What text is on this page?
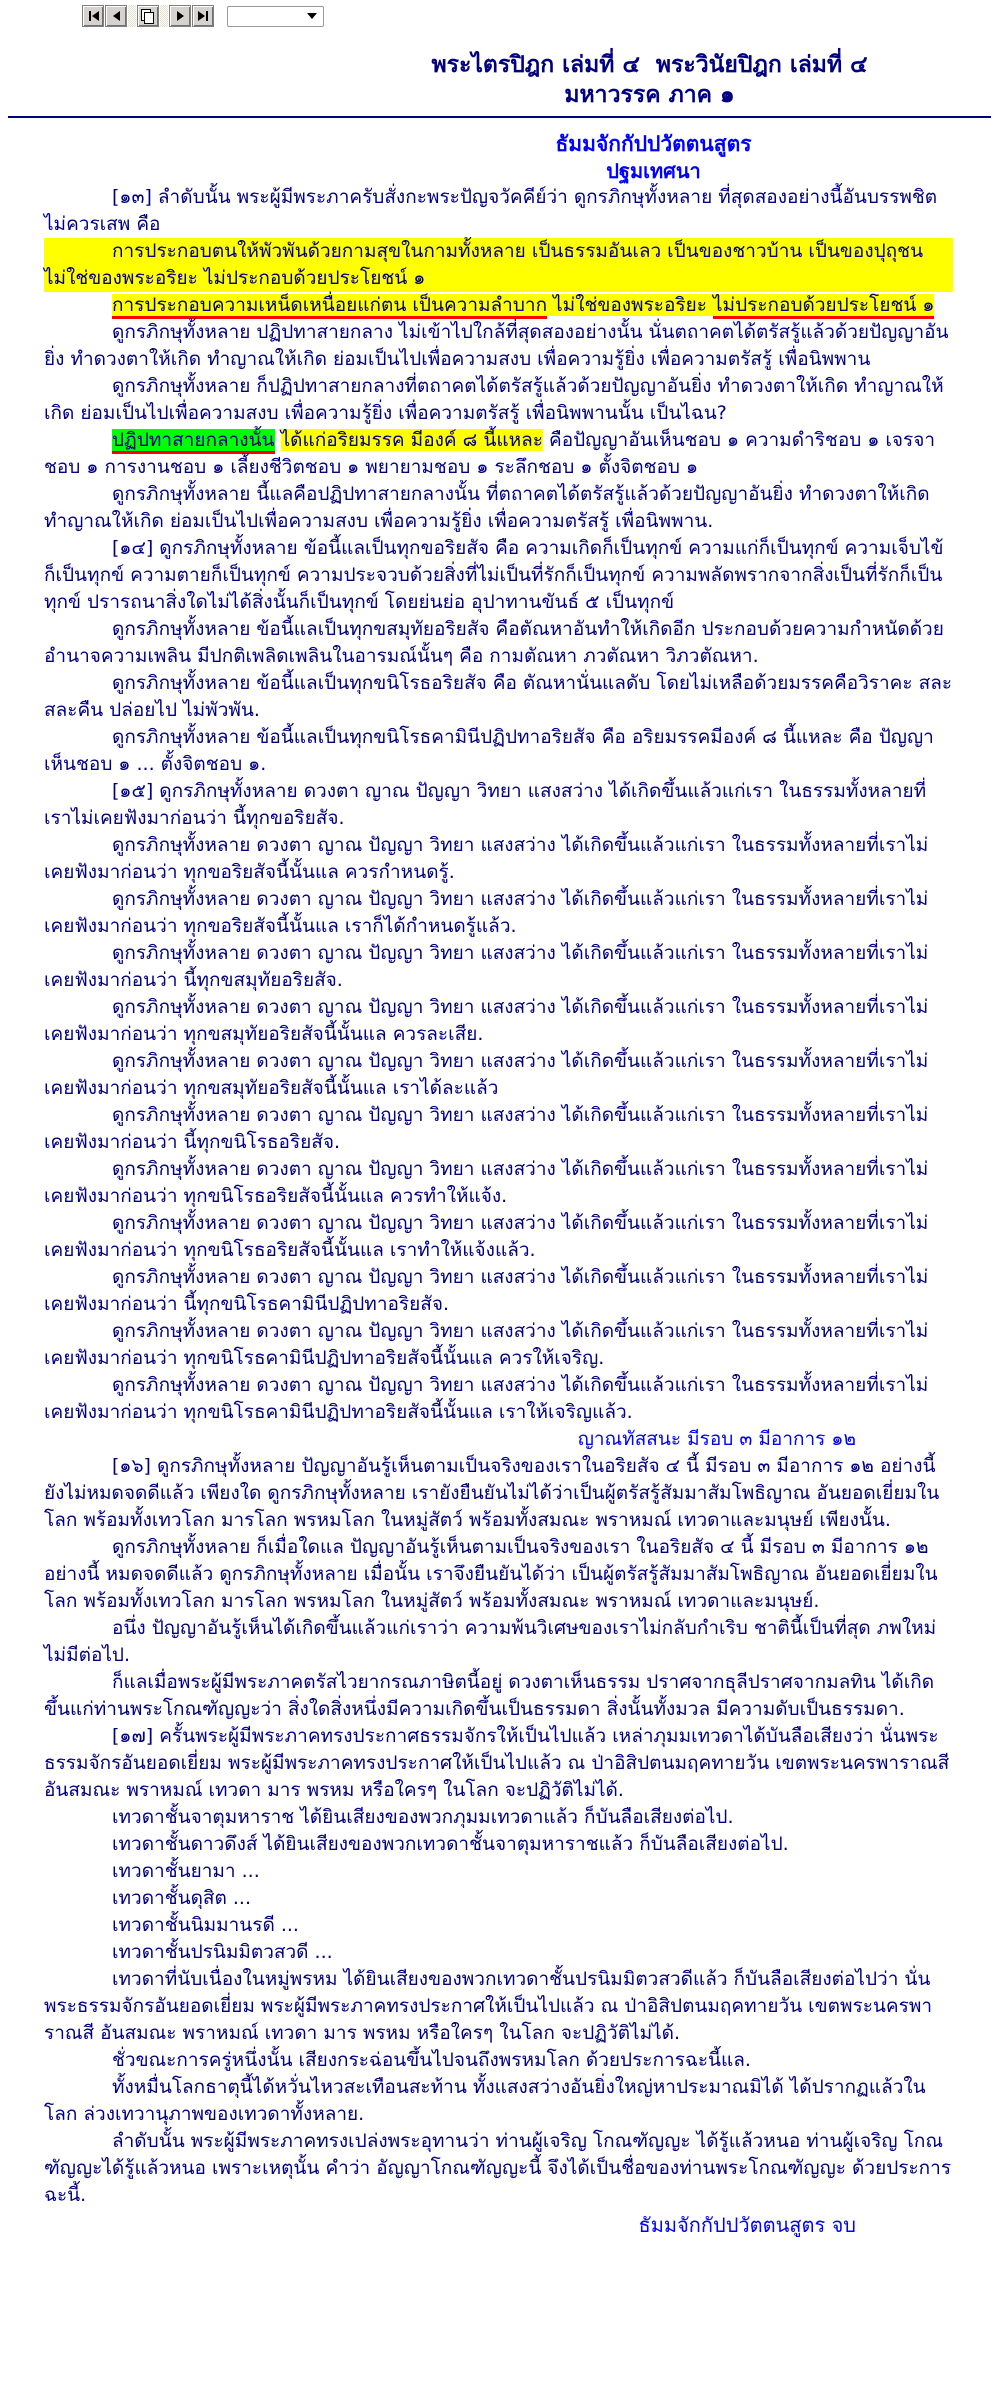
พระไตรปิฎก เล่มที่ ๔  พระวินัยปิฎก เล่มที่ ๔
มหาวรรค ภาค ๑
ธัมมจักกัปปวัตตนสูตร
ปฐมเทศนา
[๑๓] ลำดับนั้น พระผู้มีพระภาครับสั่งกะพระปัญจวัคคีย์ว่า ดูกรภิกษุทั้งหลาย ที่สุดสองอย่างนี้อันบรรพชิตไม่ควรเสพ คือ
การประกอบตนให้พัวพันด้วยกามสุขในกามทั้งหลาย เป็นธรรมอันเลว เป็นของชาวบ้าน เป็นของปุถุชน ไม่ใช่ของพระอริยะ ไม่ประกอบด้วยประโยชน์ ๑
การประกอบความเหน็ดเหนื่อยแก่ตน เป็นความลำบาก ไม่ใช่ของพระอริยะ ไม่ประกอบด้วยประโยชน์ ๑
ดูกรภิกษุทั้งหลาย ปฏิปทาสายกลาง ไม่เข้าไปใกล้ที่สุดสองอย่างนั้น นั่นตถาคตได้ตรัสรู้แล้วด้วยปัญญาอันยิ่ง ทำดวงตาให้เกิด ทำญาณให้เกิด ย่อมเป็นไปเพื่อความสงบ เพื่อความรู้ยิ่ง เพื่อความตรัสรู้ เพื่อนิพพาน
ดูกรภิกษุทั้งหลาย ก็ปฏิปทาสายกลางที่ตถาคตได้ตรัสรู้แล้วด้วยปัญญาอันยิ่ง ทำดวงตาให้เกิด ทำญาณให้เกิด ย่อมเป็นไปเพื่อความสงบ เพื่อความรู้ยิ่ง เพื่อความตรัสรู้ เพื่อนิพพานนั้น เป็นไฉน?
ปฏิปทาสายกลางนั้น ได้แก่อริยมรรค มีองค์ ๘ นี้แหละ คือปัญญาอันเห็นชอบ ๑ ความดำริชอบ ๑ เจรจาชอบ ๑ การงานชอบ ๑ เลี้ยงชีวิตชอบ ๑ พยายามชอบ ๑ ระลึกชอบ ๑ ตั้งจิตชอบ ๑
ดูกรภิกษุทั้งหลาย นี้แลคือปฏิปทาสายกลางนั้น ที่ตถาคตได้ตรัสรู้แล้วด้วยปัญญาอันยิ่ง ทำดวงตาให้เกิด ทำญาณให้เกิด ย่อมเป็นไปเพื่อความสงบ เพื่อความรู้ยิ่ง เพื่อความตรัสรู้ เพื่อนิพพาน.
[๑๔] ดูกรภิกษุทั้งหลาย ข้อนี้แลเป็นทุกขอริยสัจ คือ ความเกิดก็เป็นทุกข์ ความแก่ก็เป็นทุกข์ ความเจ็บไข้ก็เป็นทุกข์ ความตายก็เป็นทุกข์ ความประจวบด้วยสิ่งที่ไม่เป็นที่รักก็เป็นทุกข์ ความพลัดพรากจากสิ่งเป็นที่รักก็เป็นทุกข์ ปรารถนาสิ่งใดไม่ได้สิ่งนั้นก็เป็นทุกข์ โดยย่นย่อ อุปาทานขันธ์ ๕ เป็นทุกข์
ดูกรภิกษุทั้งหลาย ข้อนี้แลเป็นทุกขสมุทัยอริยสัจ คือตัณหาอันทำให้เกิดอีก ประกอบด้วยความกำหนัดด้วยอำนาจความเพลิน มีปกติเพลิดเพลินในอารมณ์นั้นๆ คือ กามตัณหา ภวตัณหา วิภวตัณหา.
ดูกรภิกษุทั้งหลาย ข้อนี้แลเป็นทุกขนิโรธอริยสัจ คือ ตัณหานั่นแลดับ โดยไม่เหลือด้วยมรรคคือวิราคะ สละ สละคืน ปล่อยไป ไม่พัวพัน.
ดูกรภิกษุทั้งหลาย ข้อนี้แลเป็นทุกขนิโรธคามินีปฏิปทาอริยสัจ คือ อริยมรรคมีองค์ ๘ นี้แหละ คือ ปัญญาเห็นชอบ ๑ ... ตั้งจิตชอบ ๑.
[๑๕] ดูกรภิกษุทั้งหลาย ดวงตา ญาณ ปัญญา วิทยา แสงสว่าง ได้เกิดขึ้นแล้วแก่เรา ในธรรมทั้งหลายที่เราไม่เคยฟังมาก่อนว่า นี้ทุกขอริยสัจ.
ดูกรภิกษุทั้งหลาย ดวงตา ญาณ ปัญญา วิทยา แสงสว่าง ได้เกิดขึ้นแล้วแก่เรา ในธรรมทั้งหลายที่เราไม่เคยฟังมาก่อนว่า ทุกขอริยสัจนี้นั้นแล ควรกำหนดรู้.
ดูกรภิกษุทั้งหลาย ดวงตา ญาณ ปัญญา วิทยา แสงสว่าง ได้เกิดขึ้นแล้วแก่เรา ในธรรมทั้งหลายที่เราไม่เคยฟังมาก่อนว่า ทุกขอริยสัจนี้นั้นแล เราก็ได้กำหนดรู้แล้ว.
ดูกรภิกษุทั้งหลาย ดวงตา ญาณ ปัญญา วิทยา แสงสว่าง ได้เกิดขึ้นแล้วแก่เรา ในธรรมทั้งหลายที่เราไม่เคยฟังมาก่อนว่า นี้ทุกขสมุทัยอริยสัจ.
ดูกรภิกษุทั้งหลาย ดวงตา ญาณ ปัญญา วิทยา แสงสว่าง ได้เกิดขึ้นแล้วแก่เรา ในธรรมทั้งหลายที่เราไม่เคยฟังมาก่อนว่า ทุกขสมุทัยอริยสัจนี้นั้นแล ควรละเสีย.
ดูกรภิกษุทั้งหลาย ดวงตา ญาณ ปัญญา วิทยา แสงสว่าง ได้เกิดขึ้นแล้วแก่เรา ในธรรมทั้งหลายที่เราไม่เคยฟังมาก่อนว่า ทุกขสมุทัยอริยสัจนี้นั้นแล เราได้ละแล้ว
ดูกรภิกษุทั้งหลาย ดวงตา ญาณ ปัญญา วิทยา แสงสว่าง ได้เกิดขึ้นแล้วแก่เรา ในธรรมทั้งหลายที่เราไม่เคยฟังมาก่อนว่า นี้ทุกขนิโรธอริยสัจ.
ดูกรภิกษุทั้งหลาย ดวงตา ญาณ ปัญญา วิทยา แสงสว่าง ได้เกิดขึ้นแล้วแก่เรา ในธรรมทั้งหลายที่เราไม่เคยฟังมาก่อนว่า ทุกขนิโรธอริยสัจนี้นั้นแล ควรทำให้แจ้ง.
ดูกรภิกษุทั้งหลาย ดวงตา ญาณ ปัญญา วิทยา แสงสว่าง ได้เกิดขึ้นแล้วแก่เรา ในธรรมทั้งหลายที่เราไม่เคยฟังมาก่อนว่า ทุกขนิโรธอริยสัจนี้นั้นแล เราทำให้แจ้งแล้ว.
ดูกรภิกษุทั้งหลาย ดวงตา ญาณ ปัญญา วิทยา แสงสว่าง ได้เกิดขึ้นแล้วแก่เรา ในธรรมทั้งหลายที่เราไม่เคยฟังมาก่อนว่า นี้ทุกขนิโรธคามินีปฏิปทาอริยสัจ.
ดูกรภิกษุทั้งหลาย ดวงตา ญาณ ปัญญา วิทยา แสงสว่าง ได้เกิดขึ้นแล้วแก่เรา ในธรรมทั้งหลายที่เราไม่เคยฟังมาก่อนว่า ทุกขนิโรธคามินีปฏิปทาอริยสัจนี้นั้นแล ควรให้เจริญ.
ดูกรภิกษุทั้งหลาย ดวงตา ญาณ ปัญญา วิทยา แสงสว่าง ได้เกิดขึ้นแล้วแก่เรา ในธรรมทั้งหลายที่เราไม่เคยฟังมาก่อนว่า ทุกขนิโรธคามินีปฏิปทาอริยสัจนี้นั้นแล เราให้เจริญแล้ว.
ญาณทัสสนะ มีรอบ ๓ มีอาการ ๑๒
[๑๖] ดูกรภิกษุทั้งหลาย ปัญญาอันรู้เห็นตามเป็นจริงของเราในอริยสัจ ๔ นี้ มีรอบ ๓ มีอาการ ๑๒ อย่างนี้ ยังไม่หมดจดดีแล้ว เพียงใด ดูกรภิกษุทั้งหลาย เรายังยืนยันไม่ได้ว่าเป็นผู้ตรัสรู้สัมมาสัมโพธิญาณ อันยอดเยี่ยมในโลก พร้อมทั้งเทวโลก มารโลก พรหมโลก ในหมู่สัตว์ พร้อมทั้งสมณะ พราหมณ์ เทวดาและมนุษย์ เพียงนั้น.
ดูกรภิกษุทั้งหลาย ก็เมื่อใดแล ปัญญาอันรู้เห็นตามเป็นจริงของเรา ในอริยสัจ ๔ นี้ มีรอบ ๓ มีอาการ ๑๒ อย่างนี้ หมดจดดีแล้ว ดูกรภิกษุทั้งหลาย เมื่อนั้น เราจึงยืนยันได้ว่า เป็นผู้ตรัสรู้สัมมาสัมโพธิญาณ อันยอดเยี่ยมในโลก พร้อมทั้งเทวโลก มารโลก พรหมโลก ในหมู่สัตว์ พร้อมทั้งสมณะ พราหมณ์ เทวดาและมนุษย์.
อนึ่ง ปัญญาอันรู้เห็นได้เกิดขึ้นแล้วแก่เราว่า ความพ้นวิเศษของเราไม่กลับกำเริบ ชาตินี้เป็นที่สุด ภพใหม่ไม่มีต่อไป.
ก็แลเมื่อพระผู้มีพระภาคตรัสไวยากรณภาษิตนี้อยู่ ดวงตาเห็นธรรม ปราศจากธุลีปราศจากมลทิน ได้เกิดขึ้นแก่ท่านพระโกณฑัญญะว่า สิ่งใดสิ่งหนึ่งมีความเกิดขึ้นเป็นธรรมดา สิ่งนั้นทั้งมวล มีความดับเป็นธรรมดา.
[๑๗] ครั้นพระผู้มีพระภาคทรงประกาศธรรมจักรให้เป็นไปแล้ว เหล่าภุมมเทวดาได้บันลือเสียงว่า นั่นพระธรรมจักรอันยอดเยี่ยม พระผู้มีพระภาคทรงประกาศให้เป็นไปแล้ว ณ ป่าอิสิปตนมฤคทายวัน เขตพระนครพาราณสี อันสมณะ พราหมณ์ เทวดา มาร พรหม หรือใครๆ ในโลก จะปฏิวัติไม่ได้.
เทวดาชั้นจาตุมหาราช ได้ยินเสียงของพวกภุมมเทวดาแล้ว ก็บันลือเสียงต่อไป.
เทวดาชั้นดาวดึงส์ ได้ยินเสียงของพวกเทวดาชั้นจาตุมหาราชแล้ว ก็บันลือเสียงต่อไป.
เทวดาชั้นยามา ...
เทวดาชั้นดุสิต ...
เทวดาชั้นนิมมานรดี ...
เทวดาชั้นปรนิมมิตวสวดี ...
เทวดาที่นับเนื่องในหมู่พรหม ได้ยินเสียงของพวกเทวดาชั้นปรนิมมิตวสวดีแล้ว ก็บันลือเสียงต่อไปว่า นั่นพระธรรมจักรอันยอดเยี่ยม พระผู้มีพระภาคทรงประกาศให้เป็นไปแล้ว ณ ป่าอิสิปตนมฤคทายวัน เขตพระนครพาราณสี อันสมณะ พราหมณ์ เทวดา มาร พรหม หรือใครๆ ในโลก จะปฏิวัติไม่ได้.
ชั่วขณะการครู่หนึ่งนั้น เสียงกระฉ่อนขึ้นไปจนถึงพรหมโลก ด้วยประการฉะนี้แล.
ทั้งหมื่นโลกธาตุนี้ได้หวั่นไหวสะเทือนสะท้าน ทั้งแสงสว่างอันยิ่งใหญ่หาประมาณมิได้ ได้ปรากฏแล้วในโลก ล่วงเทวานุภาพของเทวดาทั้งหลาย.
ลำดับนั้น พระผู้มีพระภาคทรงเปล่งพระอุทานว่า ท่านผู้เจริญ โกณฑัญญะ ได้รู้แล้วหนอ ท่านผู้เจริญ โกณฑัญญะได้รู้แล้วหนอ เพราะเหตุนั้น คำว่า อัญญาโกณฑัญญะนี้ จึงได้เป็นชื่อของท่านพระโกณฑัญญะ ด้วยประการฉะนี้.
ธัมมจักกัปปวัตตนสูตร จบ
